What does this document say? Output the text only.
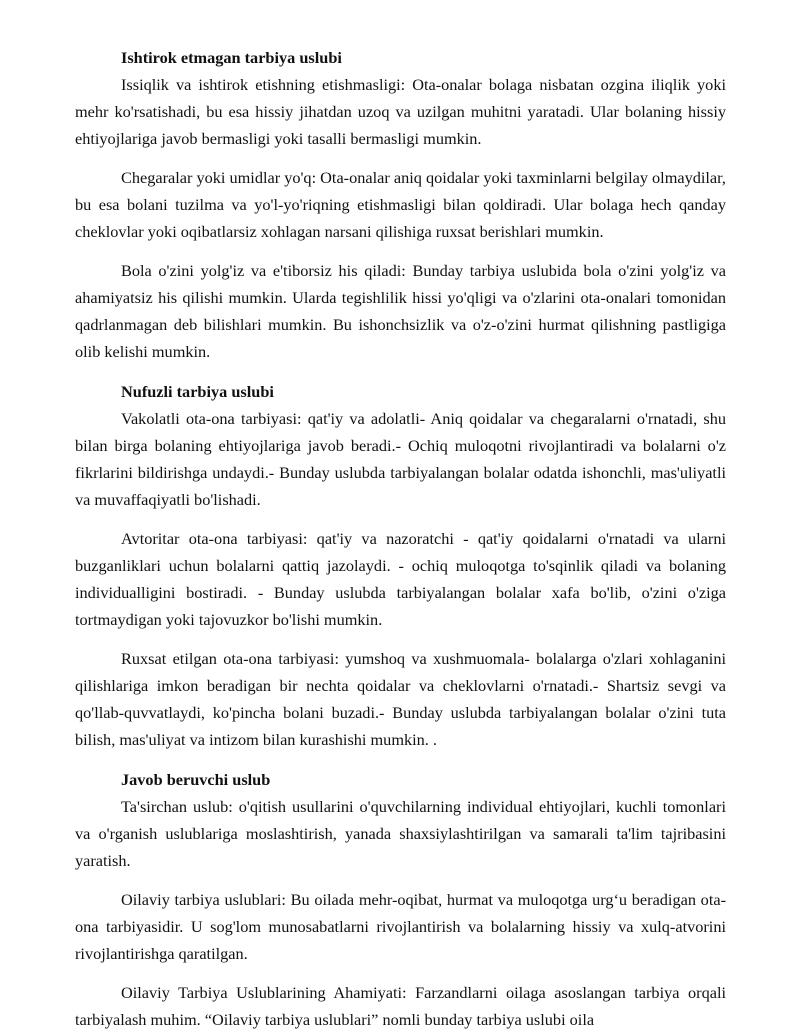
Ishtirok etmagan tarbiya uslubi

Issiqlik va ishtirok etishning etishmasligi: Ota-onalar bolaga nisbatan ozgina iliqlik yoki mehr ko'rsatishadi, bu esa hissiy jihatdan uzoq va uzilgan muhitni yaratadi. Ular bolaning hissiy ehtiyojlariga javob bermasligi yoki tasalli bermasligi mumkin.

Chegaralar yoki umidlar yo'q: Ota-onalar aniq qoidalar yoki taxminlarni belgilay olmaydilar, bu esa bolani tuzilma va yo'l-yo'riqning etishmasligi bilan qoldiradi. Ular bolaga hech qanday cheklovlar yoki oqibatlarsiz xohlagan narsani qilishiga ruxsat berishlari mumkin.

Bola o'zini yolg'iz va e'tiborsiz his qiladi: Bunday tarbiya uslubida bola o'zini yolg'iz va ahamiyatsiz his qilishi mumkin. Ularda tegishlilik hissi yo'qligi va o'zlarini ota-onalari tomonidan qadrlanmagan deb bilishlari mumkin. Bu ishonchsizlik va o'z-o'zini hurmat qilishning pastligiga olib kelishi mumkin.

Nufuzli tarbiya uslubi

Vakolatli ota-ona tarbiyasi: qat'iy va adolatli- Aniq qoidalar va chegaralarni o'rnatadi, shu bilan birga bolaning ehtiyojlariga javob beradi.- Ochiq muloqotni rivojlantiradi va bolalarni o'z fikrlarini bildirishga undaydi.- Bunday uslubda tarbiyalangan bolalar odatda ishonchli, mas'uliyatli va muvaffaqiyatli bo'lishadi.

Avtoritar ota-ona tarbiyasi: qat'iy va nazoratchi - qat'iy qoidalarni o'rnatadi va ularni buzganliklari uchun bolalarni qattiq jazolaydi. - ochiq muloqotga to'sqinlik qiladi va bolaning individualligini bostiradi. - Bunday uslubda tarbiyalangan bolalar xafa bo'lib, o'zini o'ziga tortmaydigan yoki tajovuzkor bo'lishi mumkin.

Ruxsat etilgan ota-ona tarbiyasi: yumshoq va xushmuomala- bolalarga o'zlari xohlaganini qilishlariga imkon beradigan bir nechta qoidalar va cheklovlarni o'rnatadi.- Shartsiz sevgi va qo'llab-quvvatlaydi, ko'pincha bolani buzadi.- Bunday uslubda tarbiyalangan bolalar o'zini tuta bilish, mas'uliyat va intizom bilan kurashishi mumkin. .

Javob beruvchi uslub

Ta'sirchan uslub: o'qitish usullarini o'quvchilarning individual ehtiyojlari, kuchli tomonlari va o'rganish uslublariga moslashtirish, yanada shaxsiylashtirilgan va samarali ta'lim tajribasini yaratish.

Oilaviy tarbiya uslublari: Bu oilada mehr-oqibat, hurmat va muloqotga urg‘u beradigan ota-ona tarbiyasidir. U sog'lom munosabatlarni rivojlantirish va bolalarning hissiy va xulq-atvorini rivojlantirishga qaratilgan.

Oilaviy Tarbiya Uslublarining Ahamiyati: Farzandlarni oilaga asoslangan tarbiya orqali tarbiyalash muhim. “Oilaviy tarbiya uslublari” nomli bunday tarbiya uslubi oila
